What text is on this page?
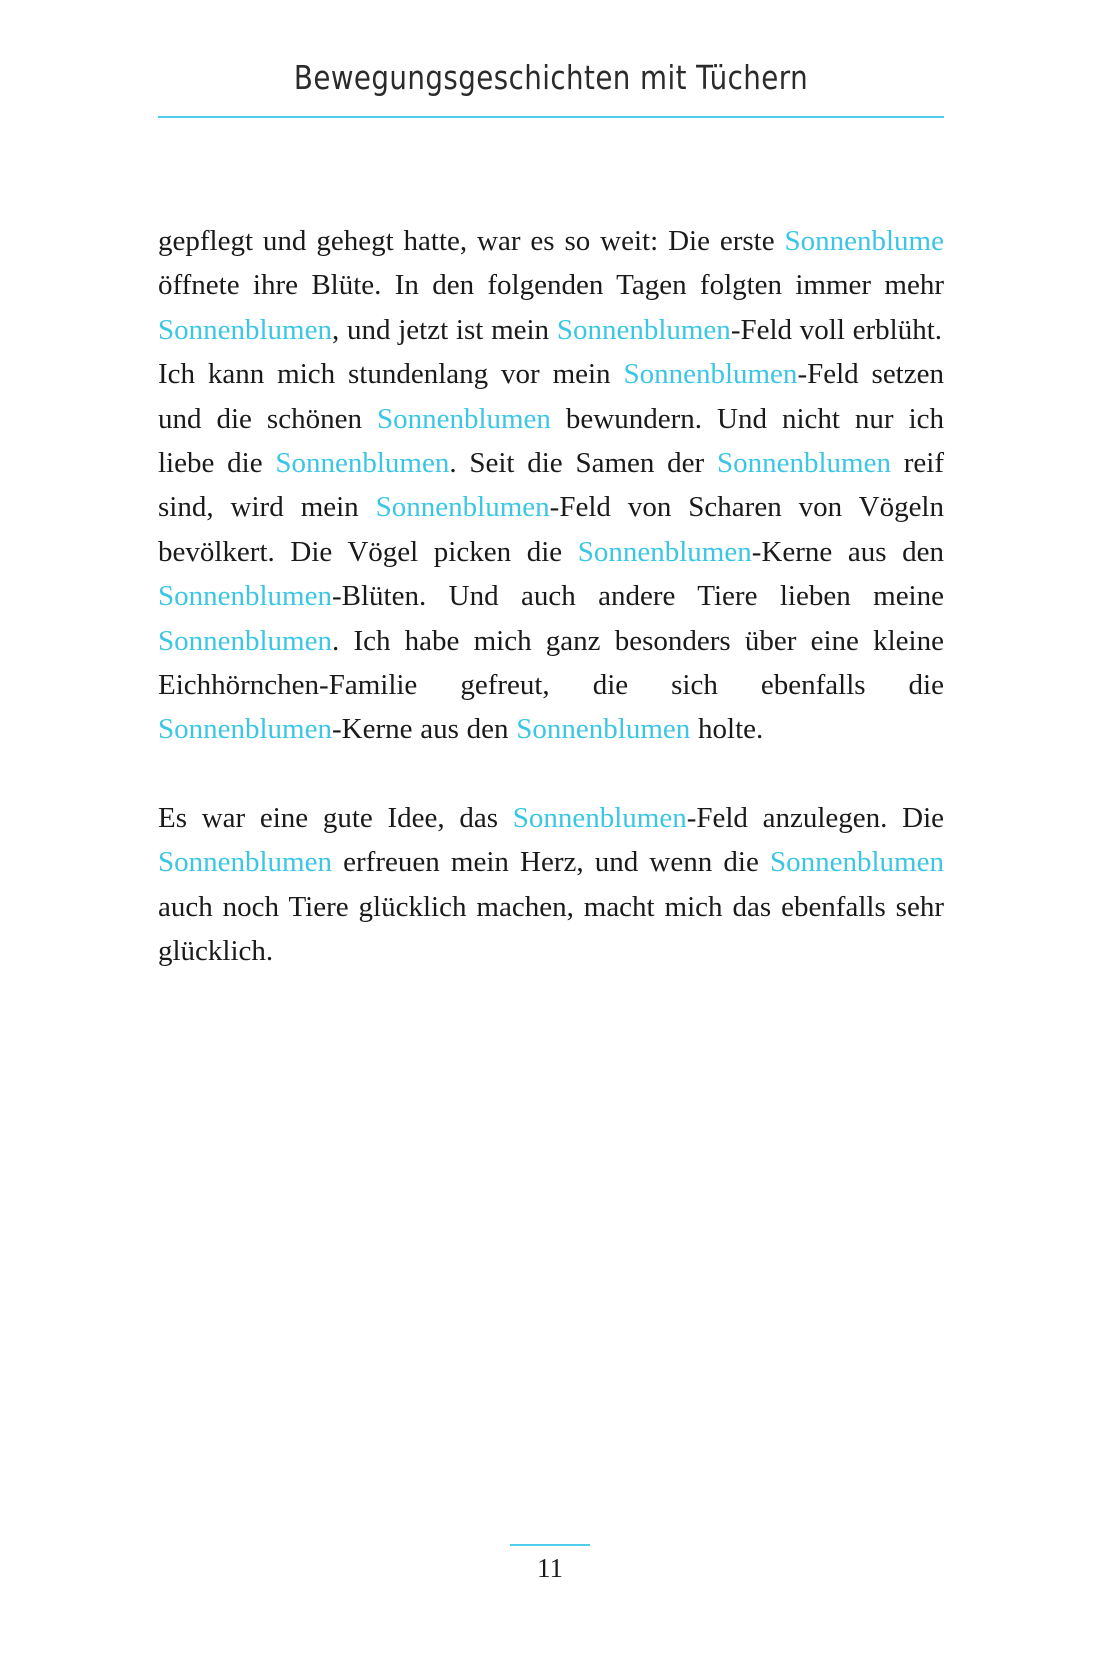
Bewegungsgeschichten mit Tüchern

gepflegt und gehegt hatte, war es so weit: Die erste Sonnenblume öffnete ihre Blüte. In den folgenden Tagen folgten immer mehr Sonnenblumen, und jetzt ist mein Sonnenblumen-Feld voll erblüht.

Ich kann mich stundenlang vor mein Sonnenblumen-Feld setzen und die schönen Sonnenblumen bewundern. Und nicht nur ich liebe die Sonnenblumen. Seit die Samen der Sonnenblumen reif sind, wird mein Sonnenblumen-Feld von Scharen von Vögeln bevölkert. Die Vögel picken die Sonnenblumen-Kerne aus den Sonnenblumen-Blüten. Und auch andere Tiere lieben meine Sonnenblumen. Ich habe mich ganz besonders über eine kleine Eichhörnchen-Familie gefreut, die sich ebenfalls die Sonnenblumen-Kerne aus den Sonnenblumen holte.

Es war eine gute Idee, das Sonnenblumen-Feld anzulegen. Die Sonnenblumen erfreuen mein Herz, und wenn die Sonnenblumen auch noch Tiere glücklich machen, macht mich das ebenfalls sehr glücklich.

11
